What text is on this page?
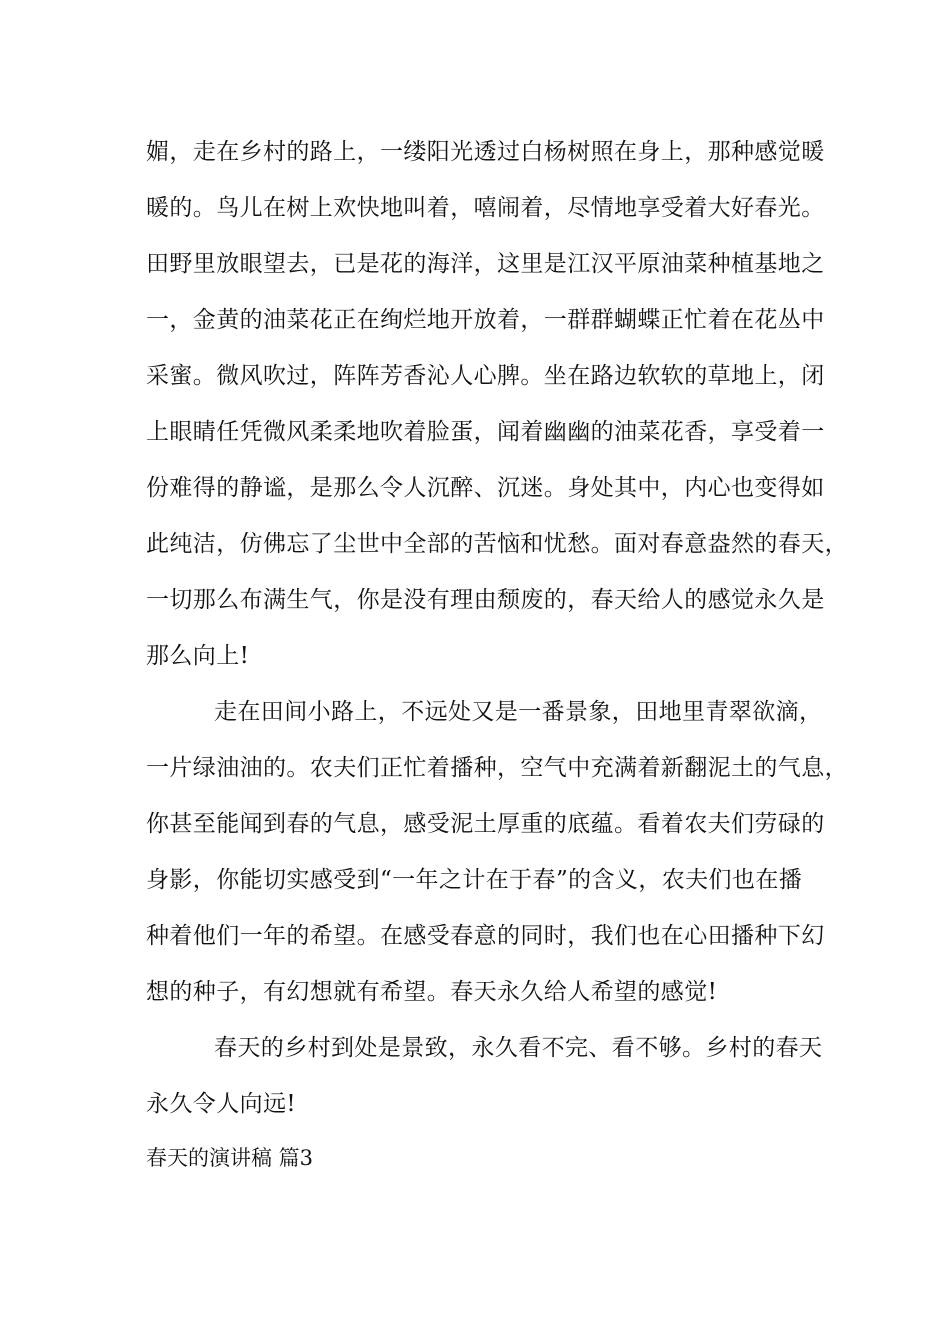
媚，走在乡村的路上，一缕阳光透过白杨树照在身上，那种感觉暖
暖的。鸟儿在树上欢快地叫着，嘻闹着，尽情地享受着大好春光。
田野里放眼望去，已是花的海洋，这里是江汉平原油菜种植基地之
一，金黄的油菜花正在绚烂地开放着，一群群蝴蝶正忙着在花丛中
采蜜。微风吹过，阵阵芳香沁人心脾。坐在路边软软的草地上，闭
上眼睛任凭微风柔柔地吹着脸蛋，闻着幽幽的油菜花香，享受着一
份难得的静谧，是那么令人沉醉、沉迷。身处其中，内心也变得如
此纯洁，仿佛忘了尘世中全部的苦恼和忧愁。面对春意盎然的春天，
一切那么布满生气，你是没有理由颓废的，春天给人的感觉永久是
那么向上!
走在田间小路上，不远处又是一番景象，田地里青翠欲滴，
一片绿油油的。农夫们正忙着播种，空气中充满着新翻泥土的气息，
你甚至能闻到春的气息，感受泥土厚重的底蕴。看着农夫们劳碌的
身影，你能切实感受到“一年之计在于春”的含义，农夫们也在播
种着他们一年的希望。在感受春意的同时，我们也在心田播种下幻
想的种子，有幻想就有希望。春天永久给人希望的感觉!
春天的乡村到处是景致，永久看不完、看不够。乡村的春天
永久令人向远!
春天的演讲稿 篇3
